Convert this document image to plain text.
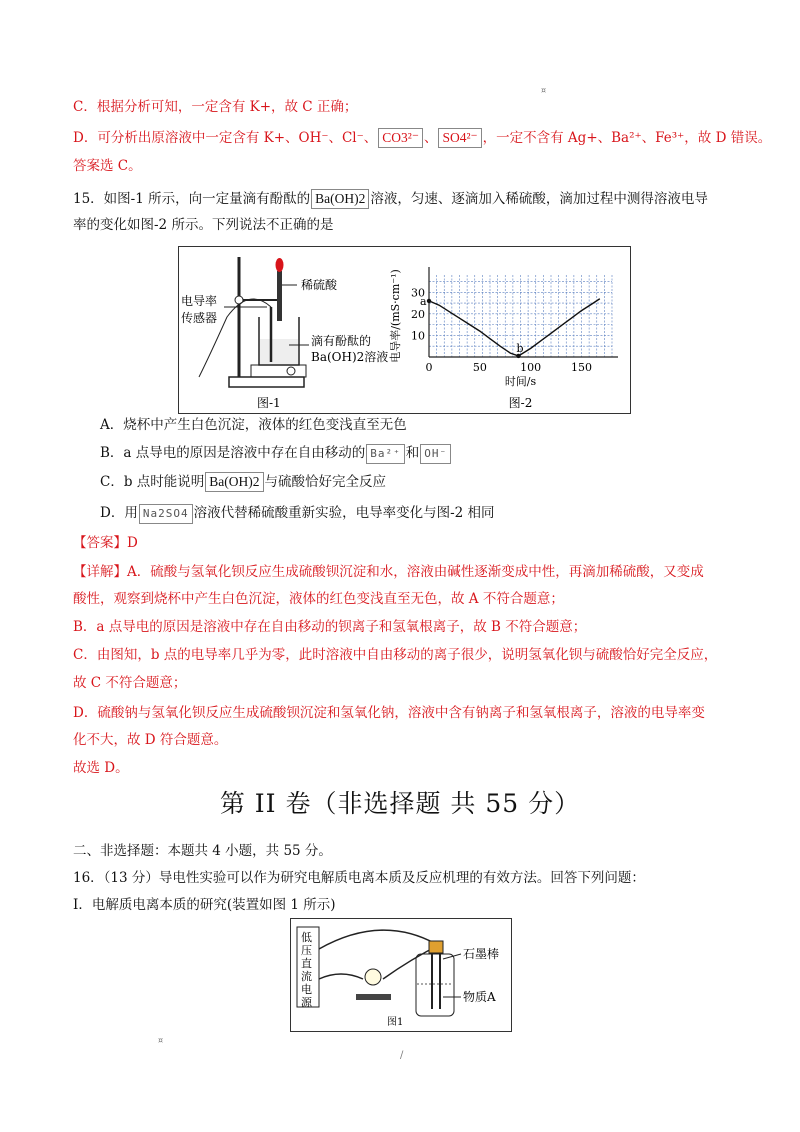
¤
C．根据分析可知，一定含有 K+，故 C 正确；
D．可分析出原溶液中一定含有 K+、OH⁻、Cl⁻、 CO3²⁻ 、 SO4²⁻ ，一定不含有 Ag+、Ba²⁺、Fe³⁺，故 D 错误。
答案选 C。
15．如图-1 所示，向一定量滴有酚酞的 Ba(OH)2 溶液，匀速、逐滴加入稀硫酸，滴加过程中测得溶液电导
率的变化如图-2 所示。下列说法不正确的是
稀硫酸
电导率
传感器
滴有酚酞的
Ba(OH)2溶液
图-1
0	50	100	150
10
20
30
时间/s
电导率/(mS·cm⁻¹) a
b
图-2
A．烧杯中产生白色沉淀，液体的红色变浅直至无色
B．a 点导电的原因是溶液中存在自由移动的 Ba²⁺ 和 OH⁻
C．b 点时能说明 Ba(OH)2 与硫酸恰好完全反应
D．用 Na2SO4 溶液代替稀硫酸重新实验，电导率变化与图-2 相同
【答案】D
【详解】A．硫酸与氢氧化钡反应生成硫酸钡沉淀和水，溶液由碱性逐渐变成中性，再滴加稀硫酸，又变成
酸性，观察到烧杯中产生白色沉淀，液体的红色变浅直至无色，故 A 不符合题意；
B．a 点导电的原因是溶液中存在自由移动的钡离子和氢氧根离子，故 B 不符合题意；
C．由图知，b 点的电导率几乎为零，此时溶液中自由移动的离子很少，说明氢氧化钡与硫酸恰好完全反应，
故 C 不符合题意；
D．硫酸钠与氢氧化钡反应生成硫酸钡沉淀和氢氧化钠，溶液中含有钠离子和氢氧根离子，溶液的电导率变
化不大，故 D 符合题意。
故选 D。
第 II 卷（非选择题 共 55 分）
二、非选择题：本题共 4 小题，共 55 分。
16．（13 分）导电性实验可以作为研究电解质电离本质及反应机理的有效方法。回答下列问题：
I．电解质电离本质的研究(装置如图 1 所示)
低
压
直
流
电
源
石墨棒
物质A
图1
¤
/
